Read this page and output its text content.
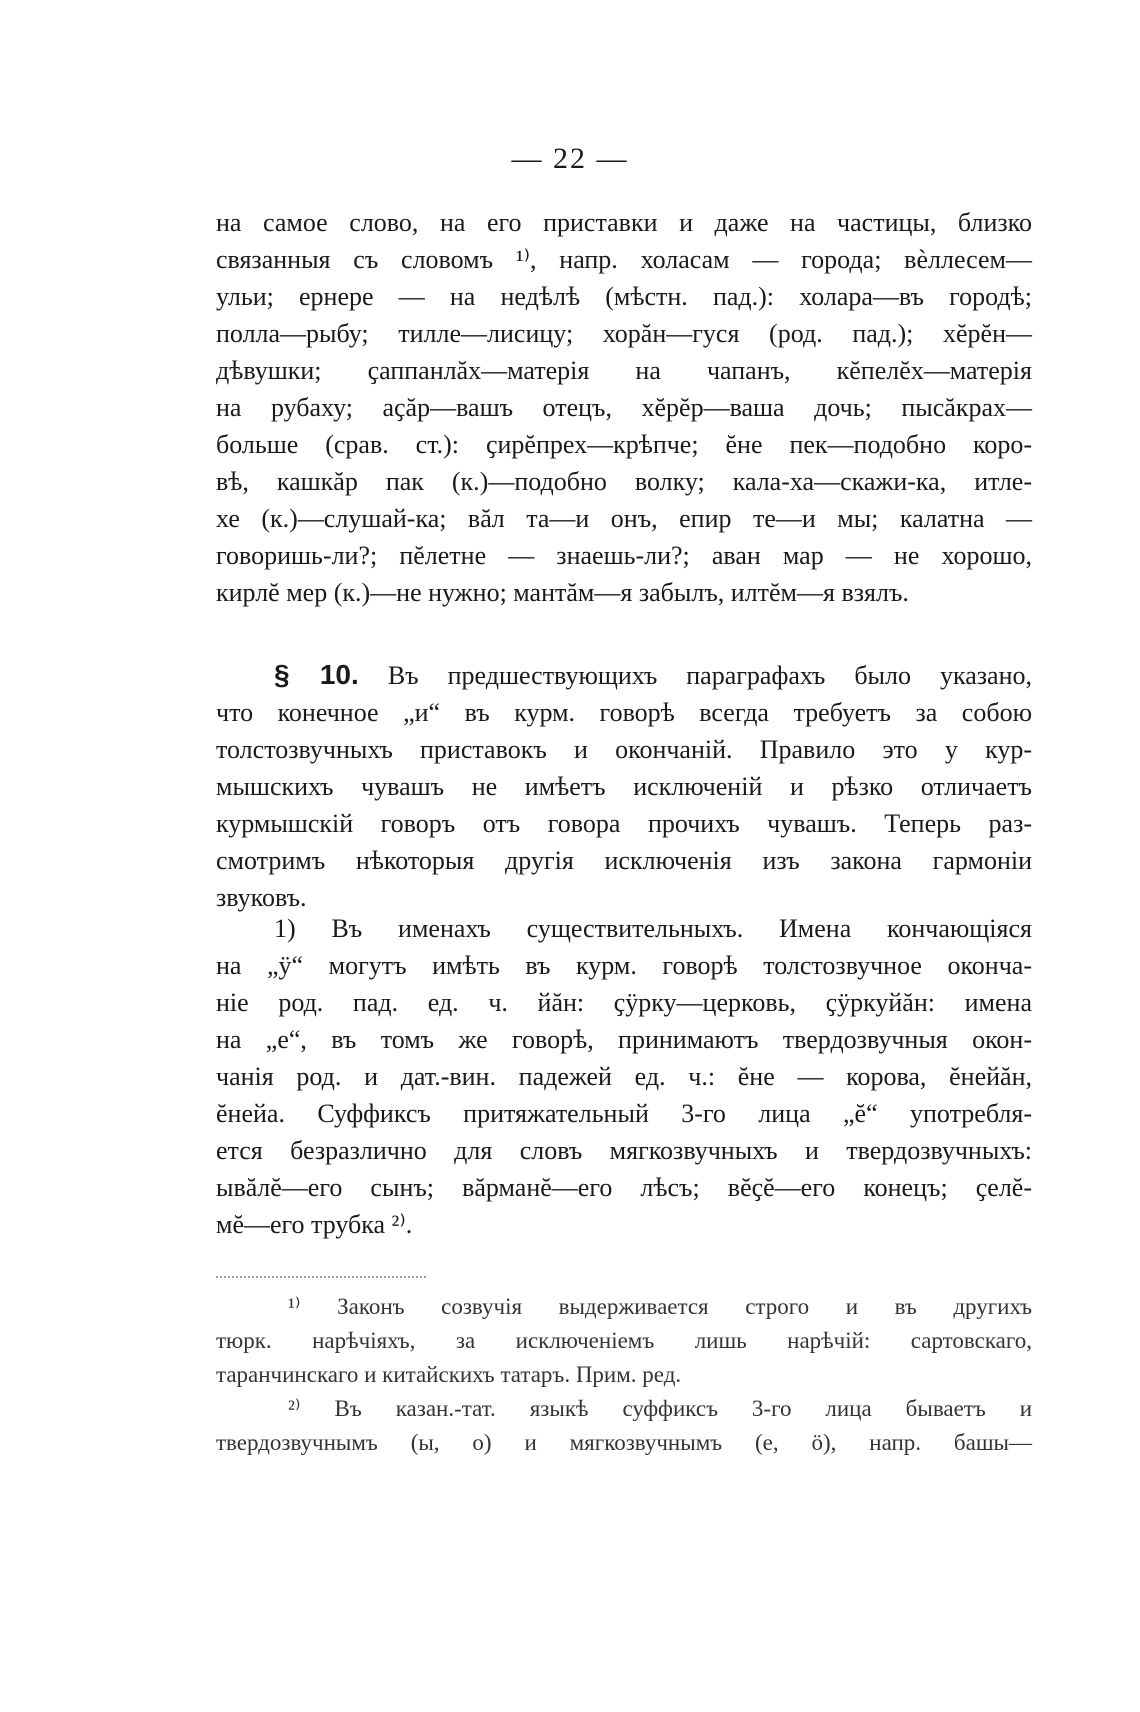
— 22 —
на самое слово, на его приставки и даже на частицы, близко
связанныя съ словомъ ¹⁾, напр. холасам — города; вѐллесем—
ульи; ернере — на недѣлѣ (мѣстн. пад.): холара—въ городѣ;
полла—рыбу; тилле—лисицу; хорăн—гуся (род. пад.); хĕрĕн—
дѣвушки; ҫаппанлăх—матерія на чапанъ, кĕпелĕх—матерія
на рубаху; аҫăр—вашъ отецъ, хĕрĕр—ваша дочь; пысăкрах—
больше (срав. ст.): ҫирĕпрех—крѣпче; ĕне пек—подобно коро-
вѣ, кашкăр пак (к.)—подобно волку; кала-ха—скажи-ка, итле-
хе (к.)—слушай-ка; вăл та—и онъ, епир те—и мы; калатна —
говоришь-ли?; пĕлетне — знаешь-ли?; аван мар — не хорошо,
кирлĕ мер (к.)—не нужно; мантăм—я забылъ, илтĕм—я взялъ.
§ 10. Въ предшествующихъ параграфахъ было указано,
что конечное „и“ въ курм. говорѣ всегда требуетъ за собою
толстозвучныхъ приставокъ и окончаній. Правило это у кур-
мышскихъ чувашъ не имѣетъ исключеній и рѣзко отличаетъ
курмышскій говоръ отъ говора прочихъ чувашъ. Теперь раз-
смотримъ нѣкоторыя другія исключенія изъ закона гармоніи
звуковъ.
1) Въ именахъ существительныхъ. Имена кончающіяся
на „ÿ“ могутъ имѣть въ курм. говорѣ толстозвучное оконча-
ніе род. пад. ед. ч. йăн: ҫÿрку—церковь, ҫÿркуйăн: имена
на „е“, въ томъ же говорѣ, принимаютъ твердозвучныя окон-
чанія род. и дат.-вин. падежей ед. ч.: ĕне — корова, ĕнейăн,
ĕнейа. Суффиксъ притяжательный 3-го лица „ĕ“ употребля-
ется безразлично для словъ мягкозвучныхъ и твердозвучныхъ:
ывăлĕ—его сынъ; вăрманĕ—его лѣсъ; вĕҫĕ—его конецъ; ҫелĕ-
мĕ—его трубка ²⁾.
¹⁾ Законъ созвучія выдерживается строго и въ другихъ
тюрк. нарѣчіяхъ, за исключеніемъ лишь нарѣчій: сартовскаго,
таранчинскаго и китайскихъ татаръ. Прим. ред.
²⁾ Въ казан.-тат. языкѣ суффиксъ 3-го лица бываетъ и
твердозвучнымъ (ы, о) и мягкозвучнымъ (е, ö), напр. башы—
